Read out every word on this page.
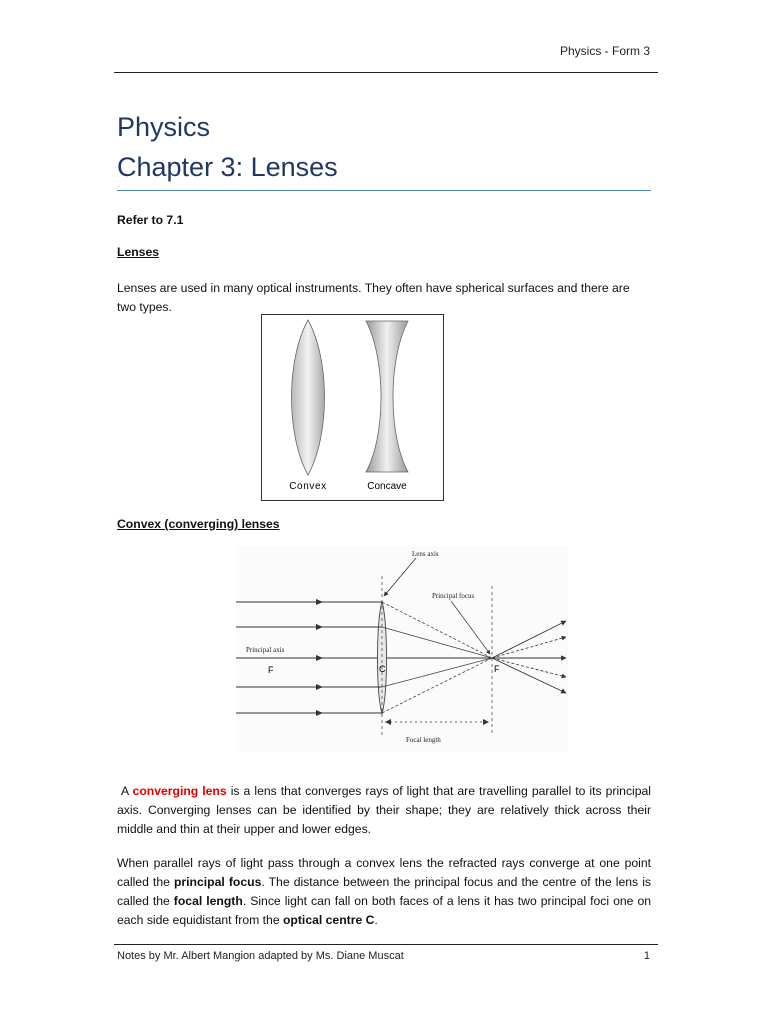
Physics - Form 3
Physics
Chapter 3: Lenses
Refer to 7.1
Lenses
Lenses are used in many optical instruments. They often have spherical surfaces and there are two types.
Convex	Concave
Convex (converging) lenses
Lens axis
Principal focus
Principal axis
F	C	F
Focal length
A converging lens is a lens that converges rays of light that are travelling parallel to its principal axis. Converging lenses can be identified by their shape; they are relatively thick across their middle and thin at their upper and lower edges.
When parallel rays of light pass through a convex lens the refracted rays converge at one point called the principal focus. The distance between the principal focus and the centre of the lens is called the focal length. Since light can fall on both faces of a lens it has two principal foci one on each side equidistant from the optical centre C.
Notes by Mr. Albert Mangion adapted by Ms. Diane Muscat	1
